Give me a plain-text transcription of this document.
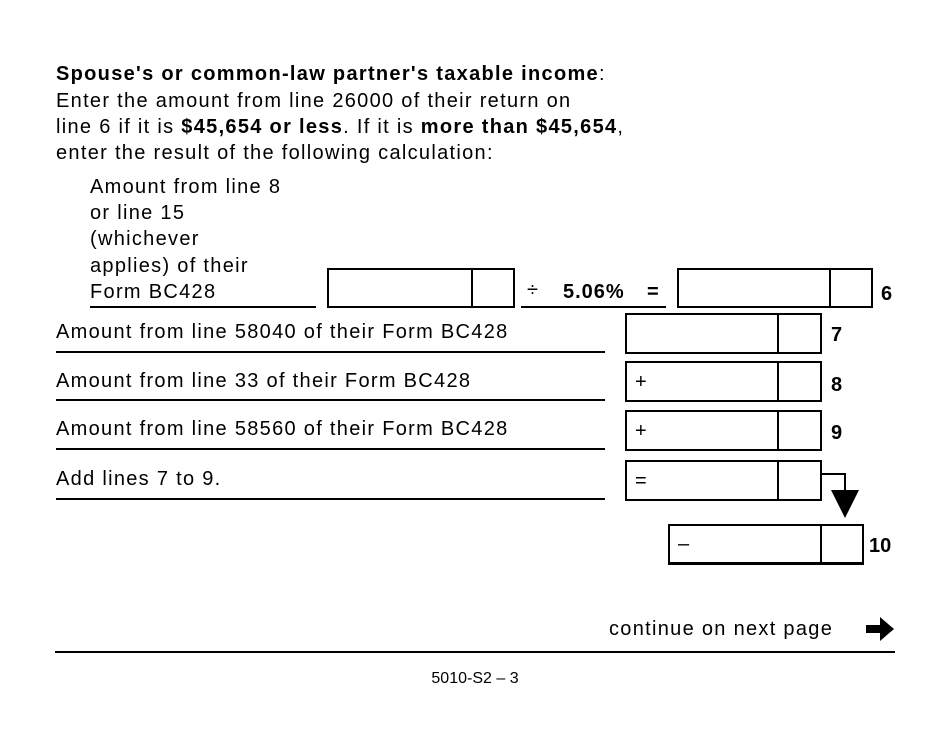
Spouse's or common-law partner's taxable income:
Enter the amount from line 26000 of their return on
line 6 if it is $45,654 or less. If it is more than $45,654,
enter the result of the following calculation:
Amount from line 8
or line 15
(whichever
applies) of their
Form BC428	÷ 5.06% =	6
Amount from line 58040 of their Form BC428	7
Amount from line 33 of their Form BC428	+	8
Amount from line 58560 of their Form BC428	+	9
Add lines 7 to 9.	=
–	10
continue on next page
5010-S2 – 3
